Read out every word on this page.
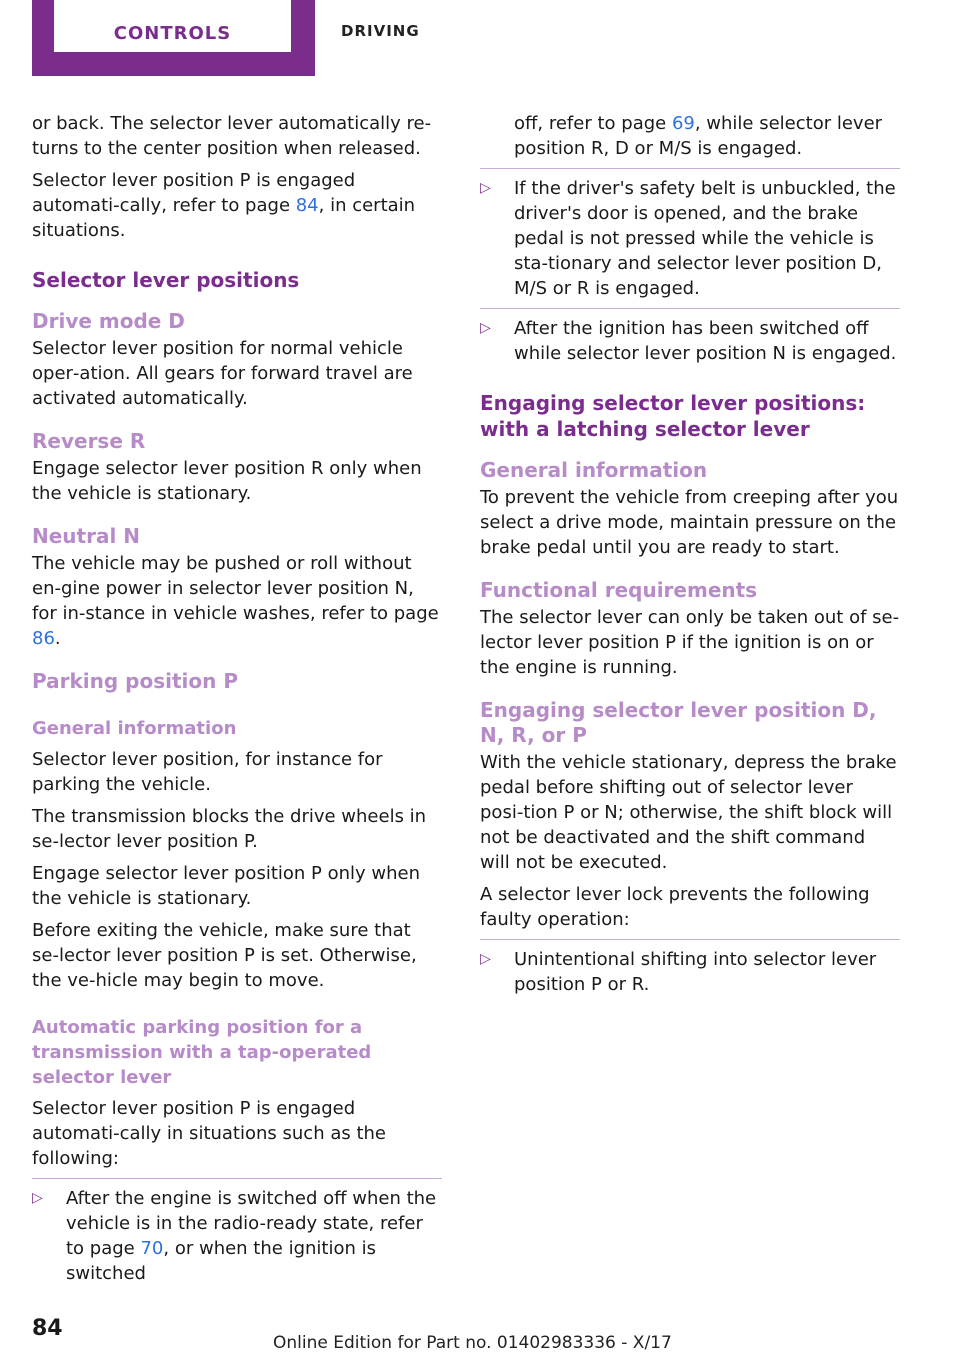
CONTROLS	DRIVING

or back. The selector lever automatically re‐turns to the center position when released.

Selector lever position P is engaged automati‐cally, refer to page 84, in certain situations.

Selector lever positions
Drive mode D

Selector lever position for normal vehicle oper‐ation. All gears for forward travel are activated automatically.

Reverse R

Engage selector lever position R only when the vehicle is stationary.

Neutral N

The vehicle may be pushed or roll without en‐gine power in selector lever position N, for in‐stance in vehicle washes, refer to page 86.

Parking position P
General information

Selector lever position, for instance for parking the vehicle.

The transmission blocks the drive wheels in se‐lector lever position P.

Engage selector lever position P only when the vehicle is stationary.

Before exiting the vehicle, make sure that se‐lector lever position P is set. Otherwise, the ve‐hicle may begin to move.

Automatic parking position for a transmission with a tap-operated selector lever

Selector lever position P is engaged automati‐cally in situations such as the following:

▷ After the engine is switched off when the vehicle is in the radio-ready state, refer to page 70, or when the ignition is switched
off, refer to page 69, while selector lever position R, D or M/S is engaged.
▷ If the driver's safety belt is unbuckled, the driver's door is opened, and the brake pedal is not pressed while the vehicle is sta‐tionary and selector lever position D, M/S or R is engaged.
▷ After the ignition has been switched off while selector lever position N is engaged.
Engaging selector lever positions: with a latching selector lever
General information

To prevent the vehicle from creeping after you select a drive mode, maintain pressure on the brake pedal until you are ready to start.

Functional requirements

The selector lever can only be taken out of se‐lector lever position P if the ignition is on or the engine is running.

Engaging selector lever position D, N, R, or P

With the vehicle stationary, depress the brake pedal before shifting out of selector lever posi‐tion P or N; otherwise, the shift block will not be deactivated and the shift command will not be executed.

A selector lever lock prevents the following faulty operation:

▷ Unintentional shifting into selector lever position P or R.
84
Online Edition for Part no. 01402983336 - X/17
